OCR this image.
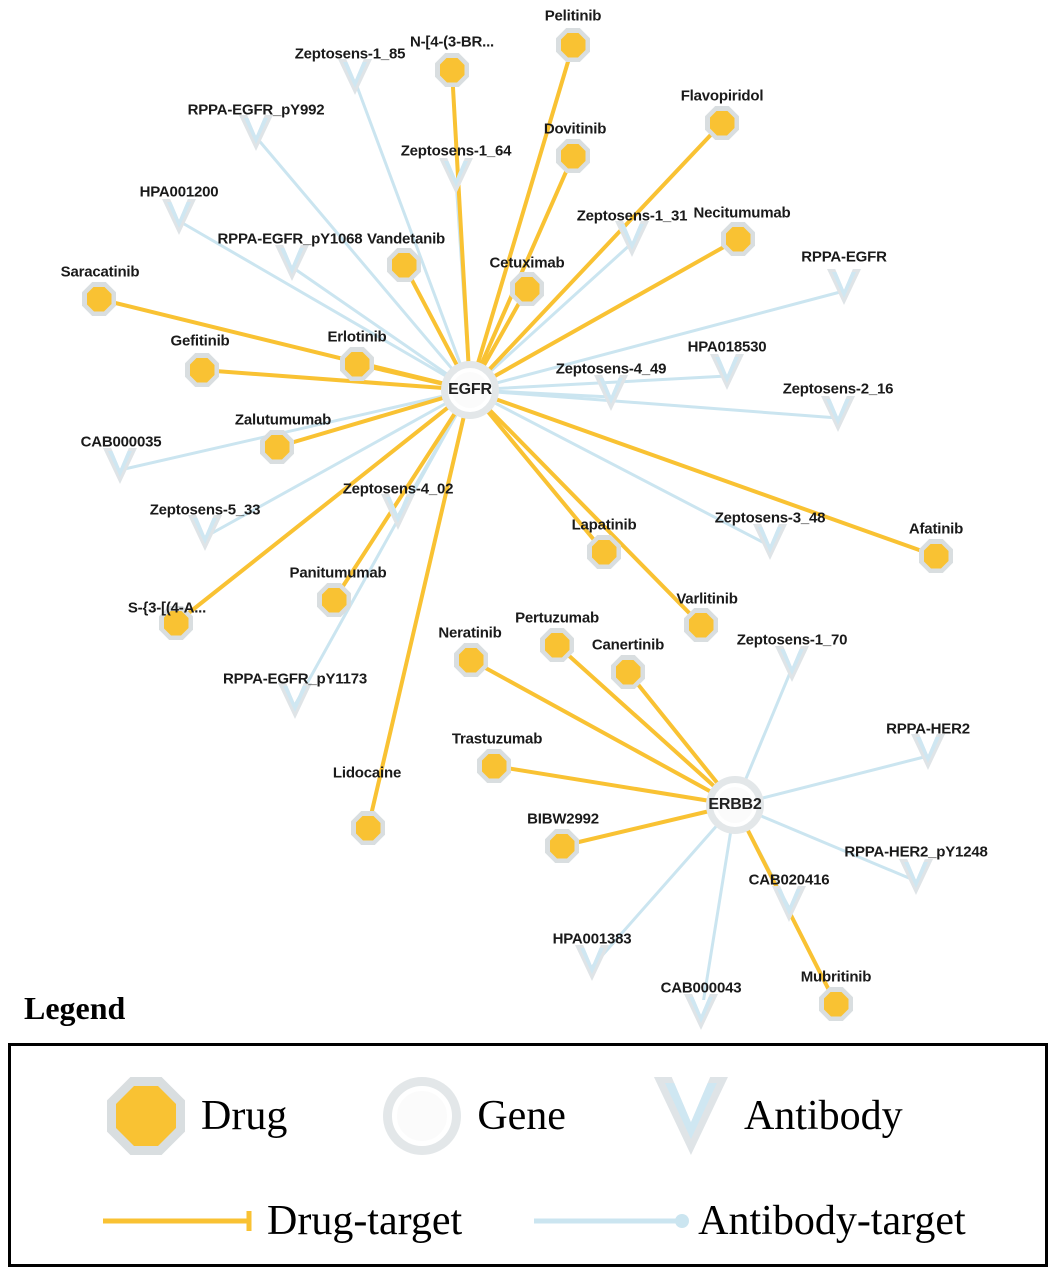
Zeptosens-1_85
RPPA-EGFR_pY992
Zeptosens-1_64
HPA001200
Zeptosens-1_31
RPPA-EGFR_pY1068
RPPA-EGFR
HPA018530
Zeptosens-4_49
Zeptosens-2_16
CAB000035
Zeptosens-4_02
Zeptosens-5_33	Zeptosens-3_48
RPPA-EGFR_pY1173
Zeptosens-1_70
RPPA-HER2
RPPA-HER2_pY1248
CAB020416
HPA001383
CAB000043
Pelitinib
N-[4-(3-BR...
Flavopiridol
Dovitinib
Necitumumab
Vandetanib
Cetuximab
Saracatinib
Erlotinib
Gefitinib
Zalutumumab
Afatinib
Lapatinib
Varlitinib
Panitumumab
S-{3-[(4-A...
Pertuzumab
Neratinib
Canertinib
Trastuzumab
Lidocaine
BIBW2992
Mubritinib
EGFR
ERBB2
Legend
Drug	Gene	Antibody
Drug-target	Antibody-target
